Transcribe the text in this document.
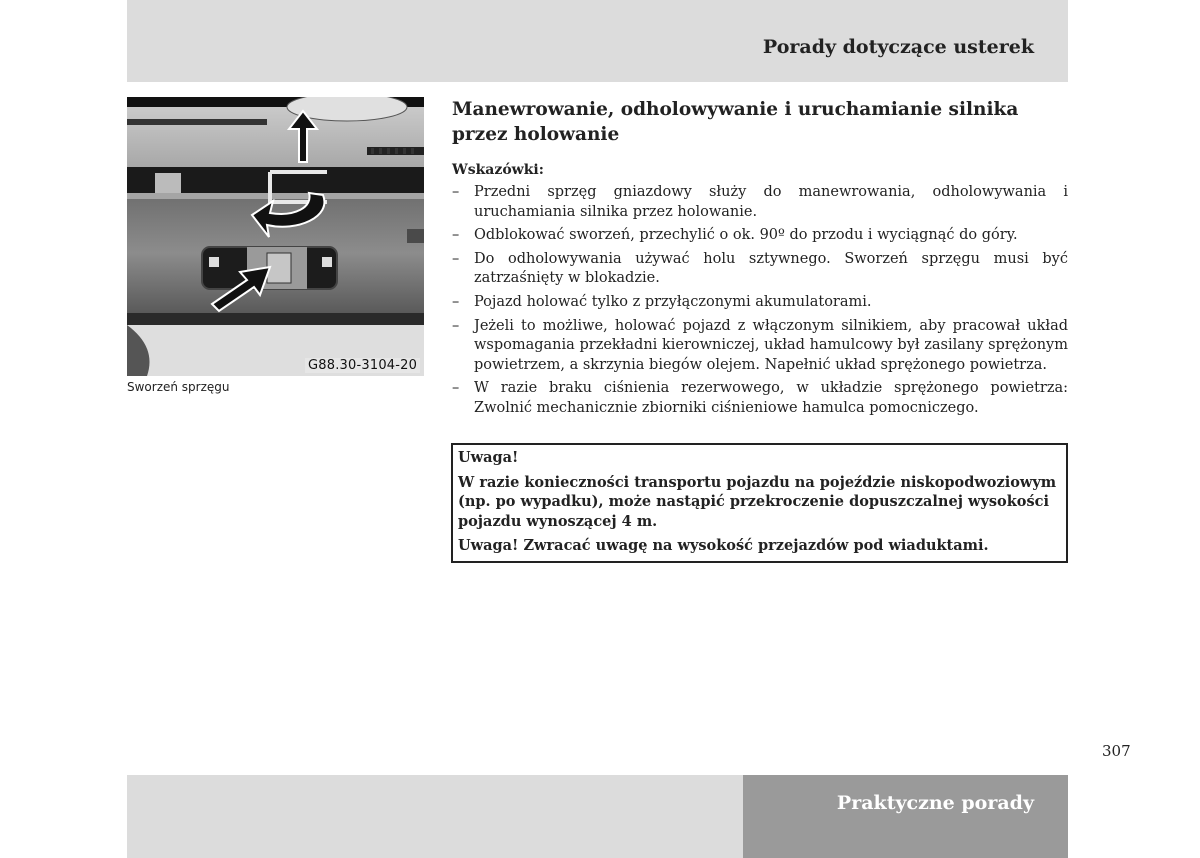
Porady dotyczące usterek
G88.30-3104-20
Sworzeń sprzęgu
Manewrowanie, odholowywanie i uruchamianie silnika
przez holowanie
Wskazówki:
– Przedni sprzęg gniazdowy służy do manewrowania, odholowywania i uruchamiania silnika przez holowanie.
– Odblokować sworzeń, przechylić o ok. 90º do przodu i wyciągnąć do góry.
– Do odholowywania używać holu sztywnego. Sworzeń sprzęgu musi być zatrzaśnięty w blokadzie.
– Pojazd holować tylko z przyłączonymi akumulatorami.
– Jeżeli to możliwe, holować pojazd z włączonym silnikiem, aby pracował układ wspomagania przekładni kierowniczej, układ hamulcowy był zasilany sprężonym powietrzem, a skrzynia biegów olejem. Napełnić układ sprężonego powietrza.
– W razie braku ciśnienia rezerwowego, w układzie sprężonego powietrza: Zwolnić mechanicznie zbiorniki ciśnieniowe hamulca pomocniczego.

Uwaga!

W razie konieczności transportu pojazdu na pojeździe niskopodwoziowym (np. po wypadku), może nastąpić przekroczenie dopuszczalnej wysokości pojazdu wynoszącej 4 m.

Uwaga! Zwracać uwagę na wysokość przejazdów pod wiaduktami.

307
Praktyczne porady
